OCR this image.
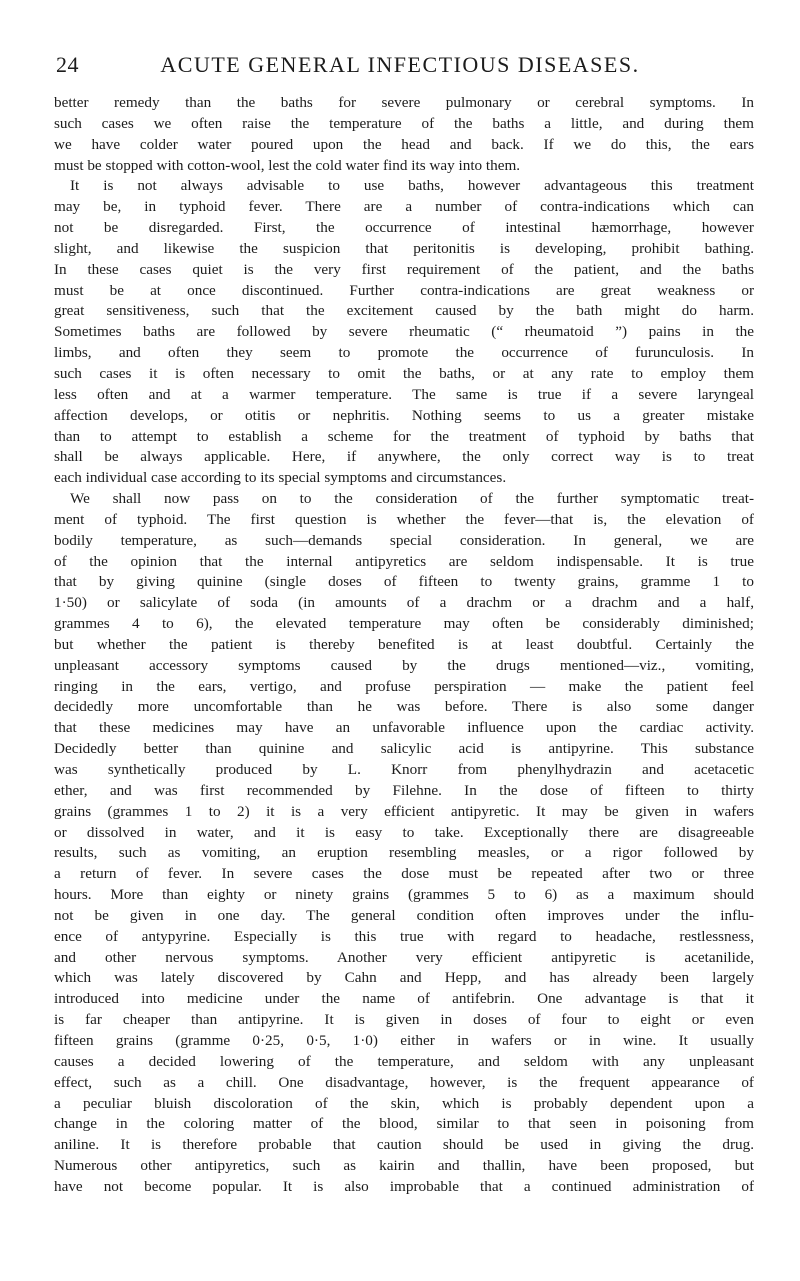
24	ACUTE GENERAL INFECTIOUS DISEASES.
better remedy than the baths for severe pulmonary or cerebral symptoms. In
such cases we often raise the temperature of the baths a little, and during them
we have colder water poured upon the head and back. If we do this, the ears
must be stopped with cotton-wool, lest the cold water find its way into them.
It is not always advisable to use baths, however advantageous this treatment
may be, in typhoid fever. There are a number of contra-indications which can
not be disregarded. First, the occurrence of intestinal hæmorrhage, however
slight, and likewise the suspicion that peritonitis is developing, prohibit bathing.
In these cases quiet is the very first requirement of the patient, and the baths
must be at once discontinued. Further contra-indications are great weakness or
great sensitiveness, such that the excitement caused by the bath might do harm.
Sometimes baths are followed by severe rheumatic (“ rheumatoid ”) pains in the
limbs, and often they seem to promote the occurrence of furunculosis. In
such cases it is often necessary to omit the baths, or at any rate to employ them
less often and at a warmer temperature. The same is true if a severe laryngeal
affection develops, or otitis or nephritis. Nothing seems to us a greater mistake
than to attempt to establish a scheme for the treatment of typhoid by baths that
shall be always applicable. Here, if anywhere, the only correct way is to treat
each individual case according to its special symptoms and circumstances.
We shall now pass on to the consideration of the further symptomatic treat-
ment of typhoid. The first question is whether the fever—that is, the elevation of
bodily temperature, as such—demands special consideration. In general, we are
of the opinion that the internal antipyretics are seldom indispensable. It is true
that by giving quinine (single doses of fifteen to twenty grains, gramme 1 to
1·50) or salicylate of soda (in amounts of a drachm or a drachm and a half,
grammes 4 to 6), the elevated temperature may often be considerably diminished;
but whether the patient is thereby benefited is at least doubtful. Certainly the
unpleasant accessory symptoms caused by the drugs mentioned—viz., vomiting,
ringing in the ears, vertigo, and profuse perspiration — make the patient feel
decidedly more uncomfortable than he was before. There is also some danger
that these medicines may have an unfavorable influence upon the cardiac activity.
Decidedly better than quinine and salicylic acid is antipyrine. This substance
was synthetically produced by L. Knorr from phenylhydrazin and acetacetic
ether, and was first recommended by Filehne. In the dose of fifteen to thirty
grains (grammes 1 to 2) it is a very efficient antipyretic. It may be given in wafers
or dissolved in water, and it is easy to take. Exceptionally there are disagreeable
results, such as vomiting, an eruption resembling measles, or a rigor followed by
a return of fever. In severe cases the dose must be repeated after two or three
hours. More than eighty or ninety grains (grammes 5 to 6) as a maximum should
not be given in one day. The general condition often improves under the influ-
ence of antypyrine. Especially is this true with regard to headache, restlessness,
and other nervous symptoms. Another very efficient antipyretic is acetanilide,
which was lately discovered by Cahn and Hepp, and has already been largely
introduced into medicine under the name of antifebrin. One advantage is that it
is far cheaper than antipyrine. It is given in doses of four to eight or even
fifteen grains (gramme 0·25, 0·5, 1·0) either in wafers or in wine. It usually
causes a decided lowering of the temperature, and seldom with any unpleasant
effect, such as a chill. One disadvantage, however, is the frequent appearance of
a peculiar bluish discoloration of the skin, which is probably dependent upon a
change in the coloring matter of the blood, similar to that seen in poisoning from
aniline. It is therefore probable that caution should be used in giving the drug.
Numerous other antipyretics, such as kairin and thallin, have been proposed, but
have not become popular. It is also improbable that a continued administration of
